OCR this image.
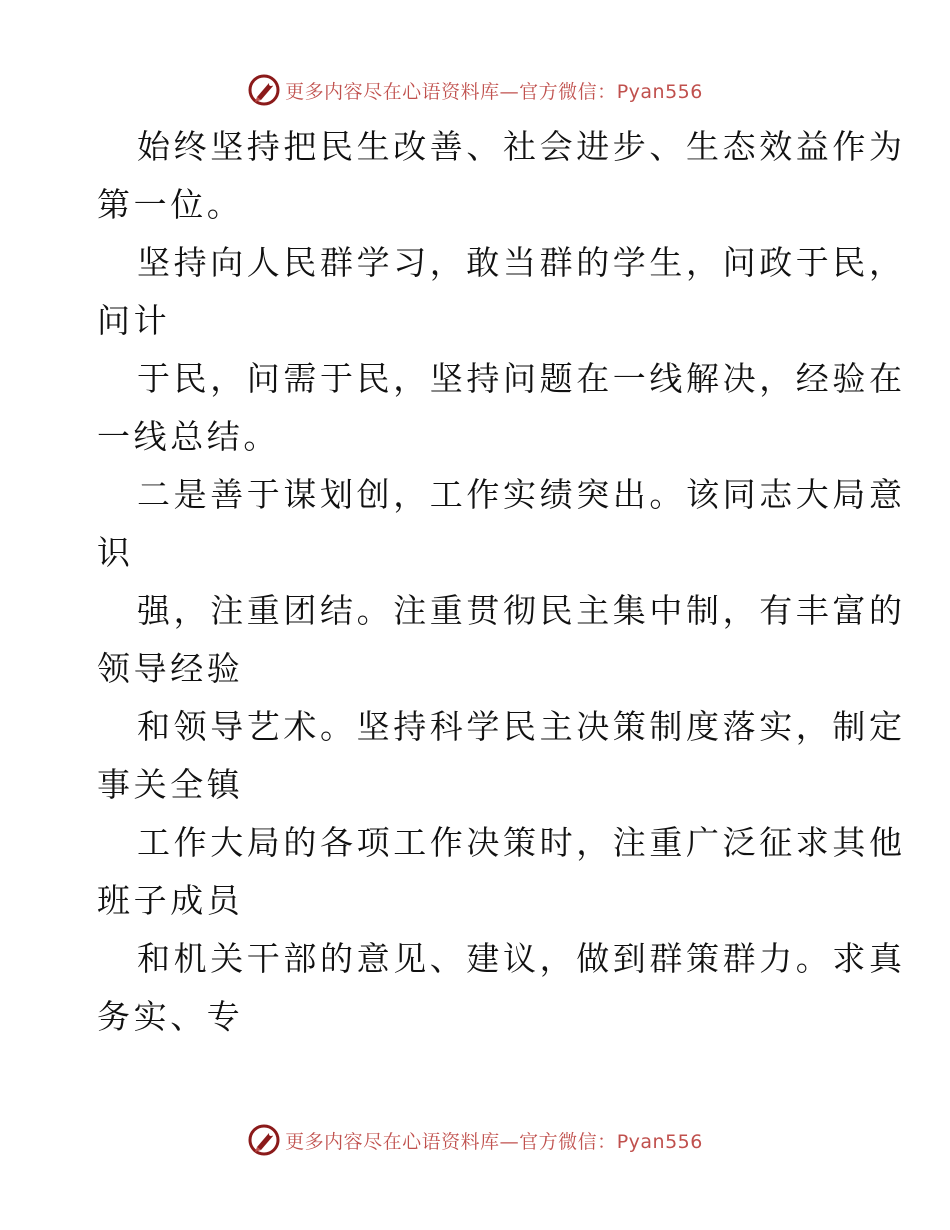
更多内容尽在心语资料库—官方微信：Pyan556
始终坚持把民生改善、社会进步、生态效益作为
第一位。
坚持向人民群学习，敢当群的学生，问政于民，
问计
于民，问需于民，坚持问题在一线解决，经验在
一线总结。
二是善于谋划创，工作实绩突出。该同志大局意
识
强，注重团结。注重贯彻民主集中制，有丰富的
领导经验
和领导艺术。坚持科学民主决策制度落实，制定
事关全镇
工作大局的各项工作决策时，注重广泛征求其他
班子成员
和机关干部的意见、建议，做到群策群力。求真
务实、专
更多内容尽在心语资料库—官方微信：Pyan556
